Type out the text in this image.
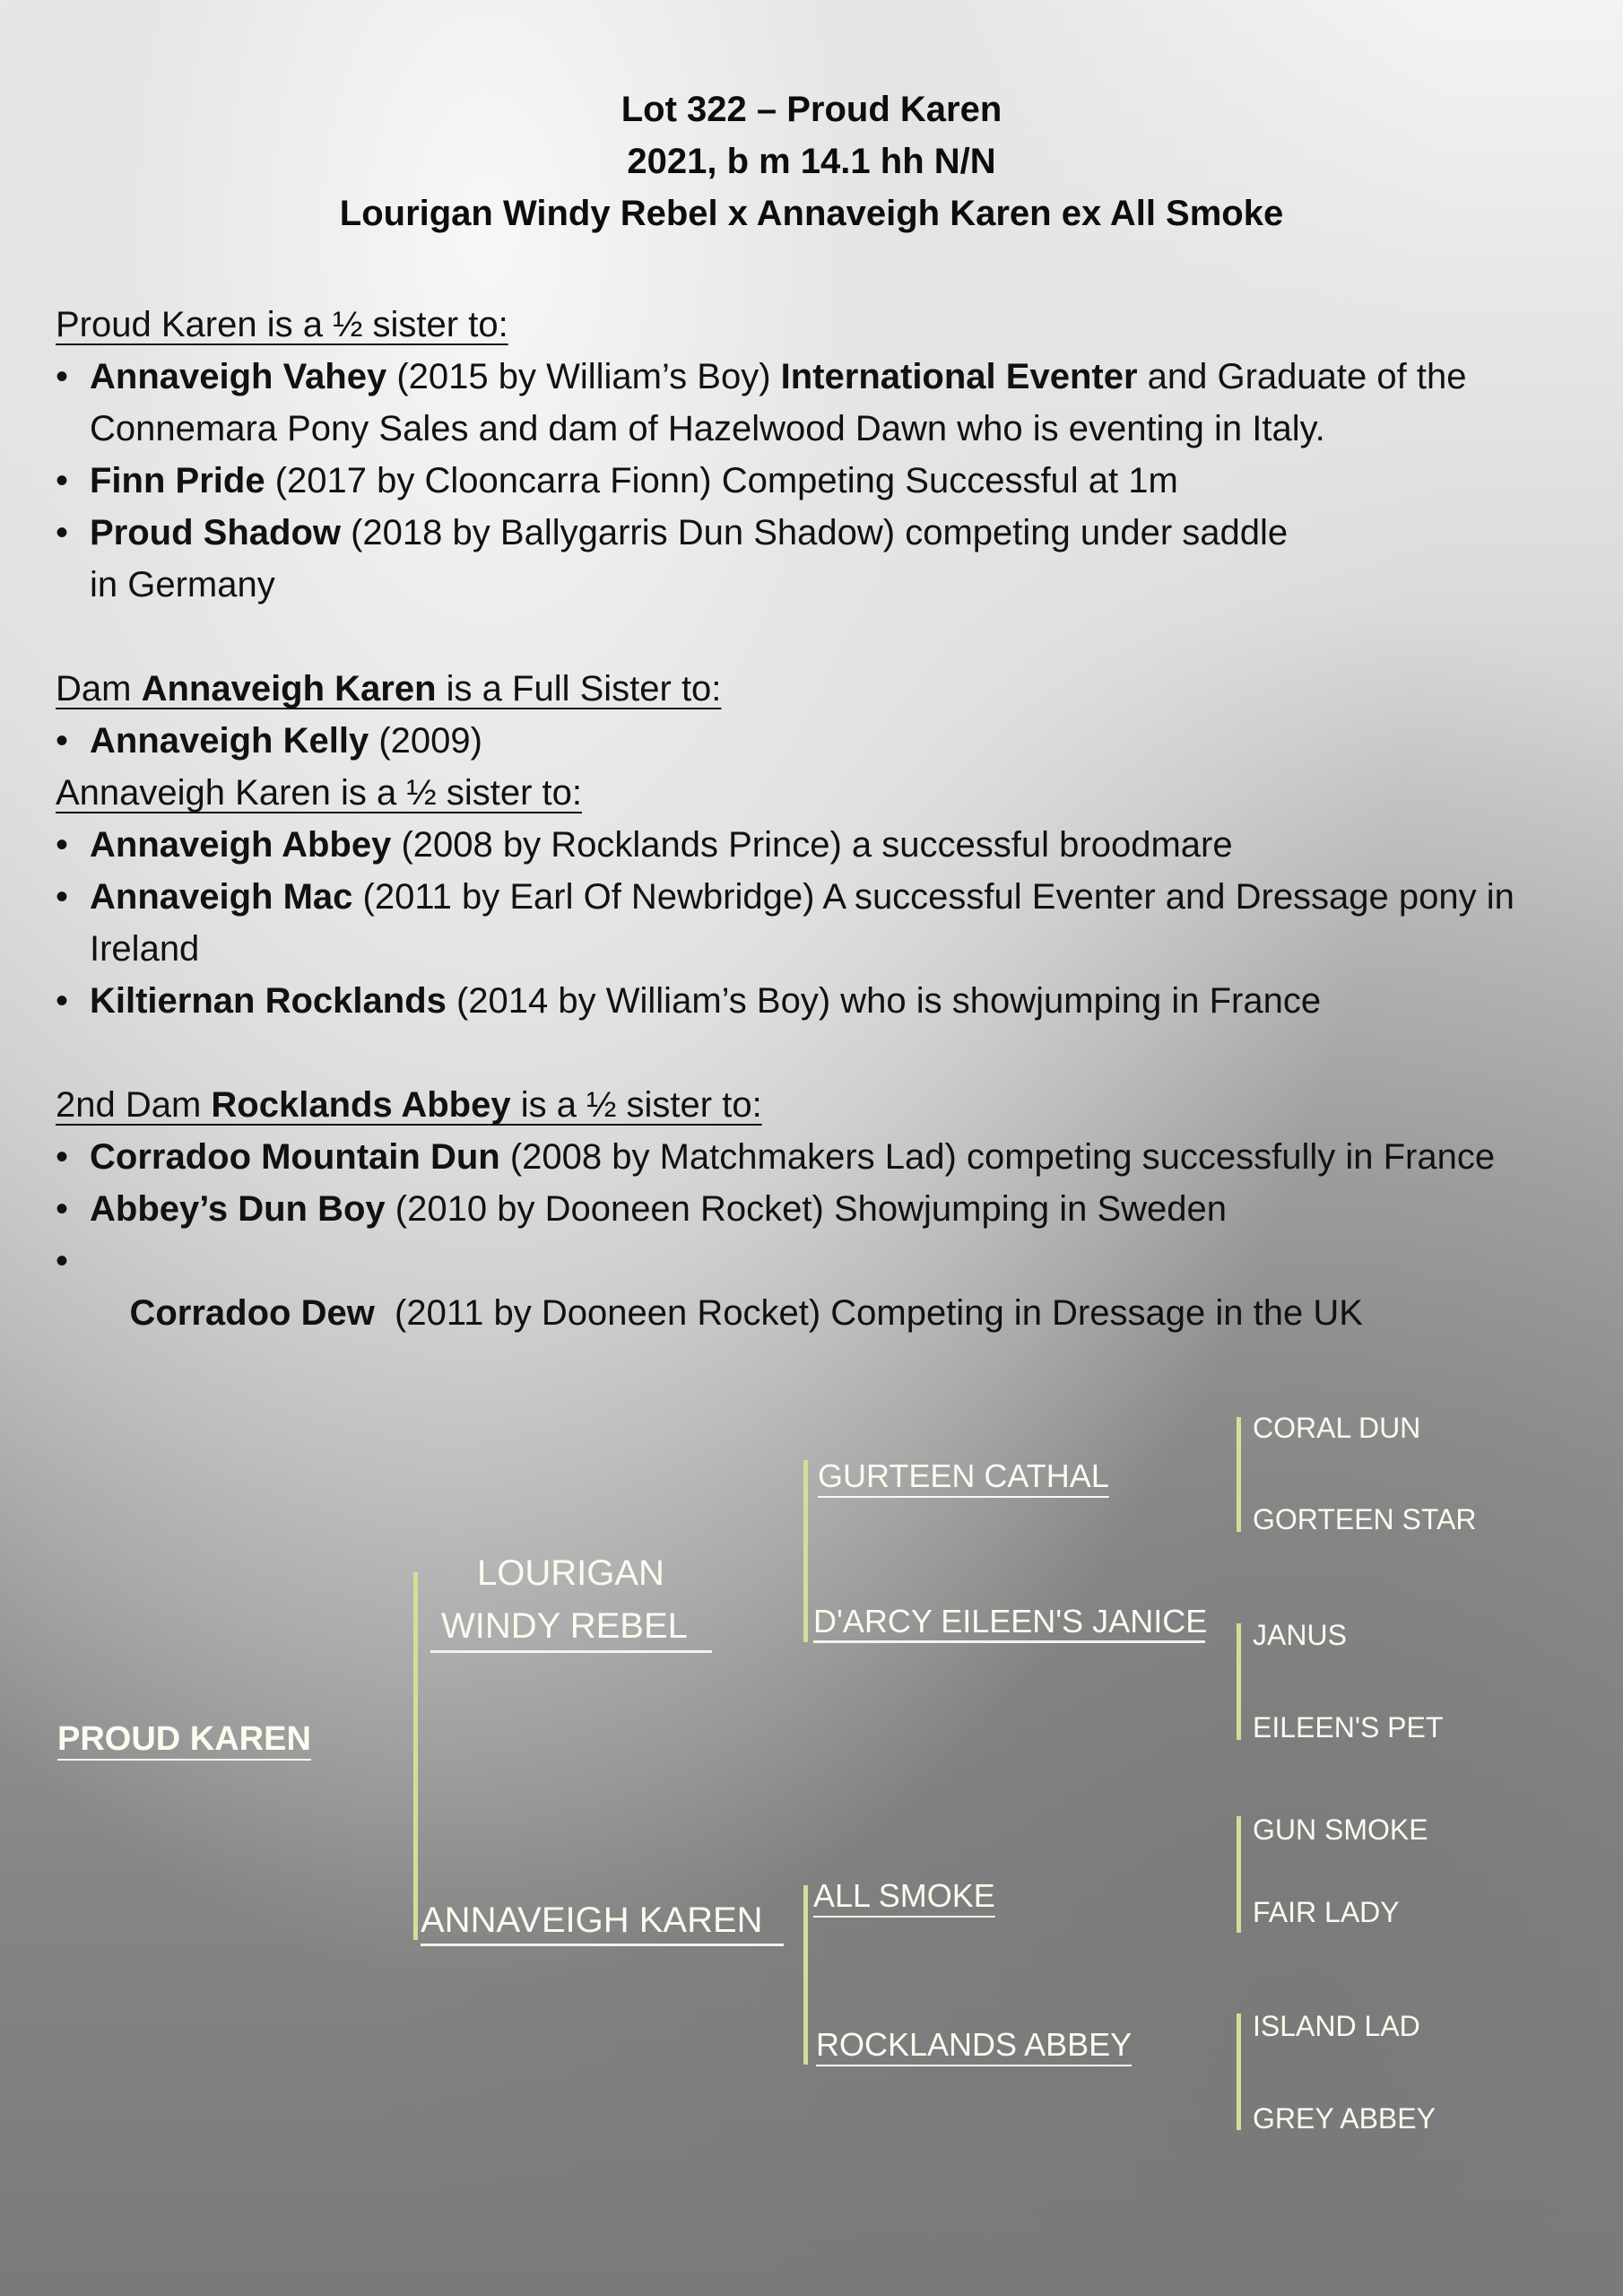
Lot 322 – Proud Karen
2021, b m 14.1 hh N/N
Lourigan Windy Rebel x Annaveigh Karen ex All Smoke
Proud Karen is a ½ sister to:
• Annaveigh Vahey (2015 by William’s Boy) International Eventer and Graduate of the Connemara Pony Sales and dam of Hazelwood Dawn who is eventing in Italy.
• Finn Pride (2017 by Clooncarra Fionn) Competing Successful at 1m
• Proud Shadow (2018 by Ballygarris Dun Shadow) competing under saddle in Germany
Dam Annaveigh Karen is a Full Sister to:
• Annaveigh Kelly (2009)
Annaveigh Karen is a ½ sister to:
• Annaveigh Abbey (2008 by Rocklands Prince) a successful broodmare
• Annaveigh Mac (2011 by Earl Of Newbridge) A successful Eventer and Dressage pony in Ireland
• Kiltiernan Rocklands (2014 by William’s Boy) who is showjumping in France
2nd Dam Rocklands Abbey is a ½ sister to:
• Corradoo Mountain Dun (2008 by Matchmakers Lad) competing successfully in France
• Abbey’s Dun Boy (2010 by Dooneen Rocket) Showjumping in Sweden

•
Corradoo Dew  (2011 by Dooneen Rocket) Competing in Dressage in the UK

PROUD KAREN
LOURIGAN
WINDY REBEL
ANNAVEIGH KAREN
GURTEEN CATHAL
D'ARCY EILEEN'S JANICE
ALL SMOKE
ROCKLANDS ABBEY
CORAL DUN
GORTEEN STAR
JANUS
EILEEN'S PET
GUN SMOKE
FAIR LADY
ISLAND LAD
GREY ABBEY
